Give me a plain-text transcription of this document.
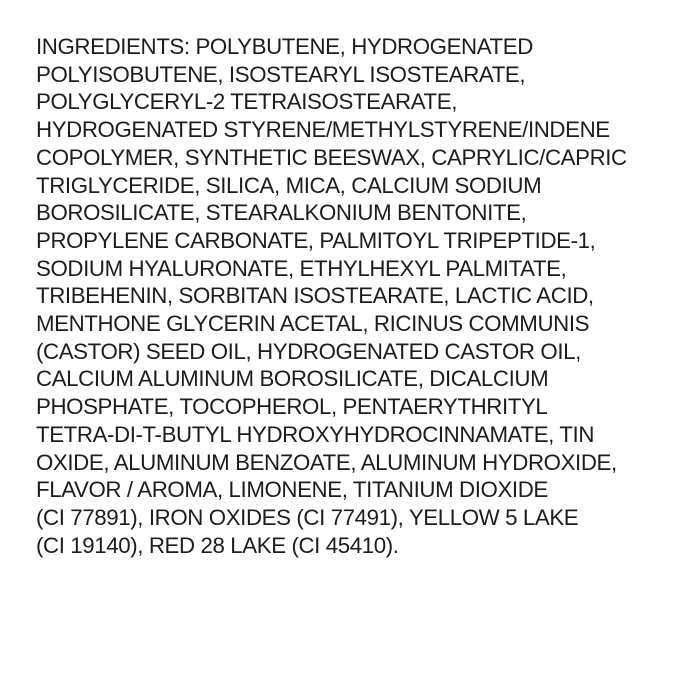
INGREDIENTS: POLYBUTENE, HYDROGENATED
POLYISOBUTENE, ISOSTEARYL ISOSTEARATE,
POLYGLYCERYL-2 TETRAISOSTEARATE,
HYDROGENATED STYRENE/METHYLSTYRENE/INDENE
COPOLYMER, SYNTHETIC BEESWAX, CAPRYLIC/CAPRIC
TRIGLYCERIDE, SILICA, MICA, CALCIUM SODIUM
BOROSILICATE, STEARALKONIUM BENTONITE,
PROPYLENE CARBONATE, PALMITOYL TRIPEPTIDE-1,
SODIUM HYALURONATE, ETHYLHEXYL PALMITATE,
TRIBEHENIN, SORBITAN ISOSTEARATE, LACTIC ACID,
MENTHONE GLYCERIN ACETAL, RICINUS COMMUNIS
(CASTOR) SEED OIL, HYDROGENATED CASTOR OIL,
CALCIUM ALUMINUM BOROSILICATE, DICALCIUM
PHOSPHATE, TOCOPHEROL, PENTAERYTHRITYL
TETRA-DI-T-BUTYL HYDROXYHYDROCINNAMATE, TIN
OXIDE, ALUMINUM BENZOATE, ALUMINUM HYDROXIDE,
FLAVOR / AROMA, LIMONENE, TITANIUM DIOXIDE
(CI 77891), IRON OXIDES (CI 77491), YELLOW 5 LAKE
(CI 19140), RED 28 LAKE (CI 45410).
